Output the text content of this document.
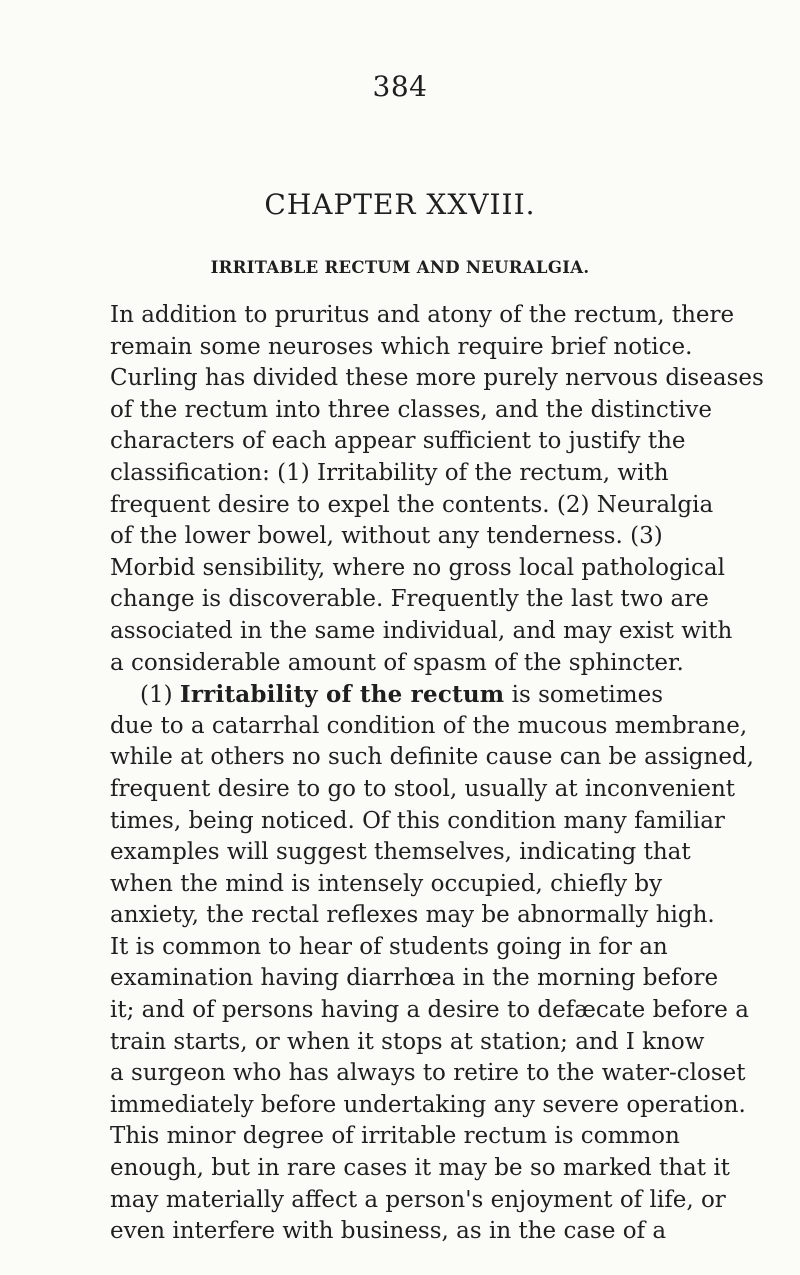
384
CHAPTER XXVIII.
IRRITABLE RECTUM AND NEURALGIA.
In addition to pruritus and atony of the rectum, there
remain some neuroses which require brief notice.
Curling has divided these more purely nervous diseases
of the rectum into three classes, and the distinctive
characters of each appear sufficient to justify the
classification: (1) Irritability of the rectum, with
frequent desire to expel the contents. (2) Neuralgia
of the lower bowel, without any tenderness. (3)
Morbid sensibility, where no gross local pathological
change is discoverable. Frequently the last two are
associated in the same individual, and may exist with
a considerable amount of spasm of the sphincter.
(1) Irritability of the rectum is sometimes
due to a catarrhal condition of the mucous membrane,
while at others no such definite cause can be assigned,
frequent desire to go to stool, usually at inconvenient
times, being noticed. Of this condition many familiar
examples will suggest themselves, indicating that
when the mind is intensely occupied, chiefly by
anxiety, the rectal reflexes may be abnormally high.
It is common to hear of students going in for an
examination having diarrhœa in the morning before
it; and of persons having a desire to defæcate before a
train starts, or when it stops at station; and I know
a surgeon who has always to retire to the water-closet
immediately before undertaking any severe operation.
This minor degree of irritable rectum is common
enough, but in rare cases it may be so marked that it
may materially affect a person's enjoyment of life, or
even interfere with business, as in the case of a
